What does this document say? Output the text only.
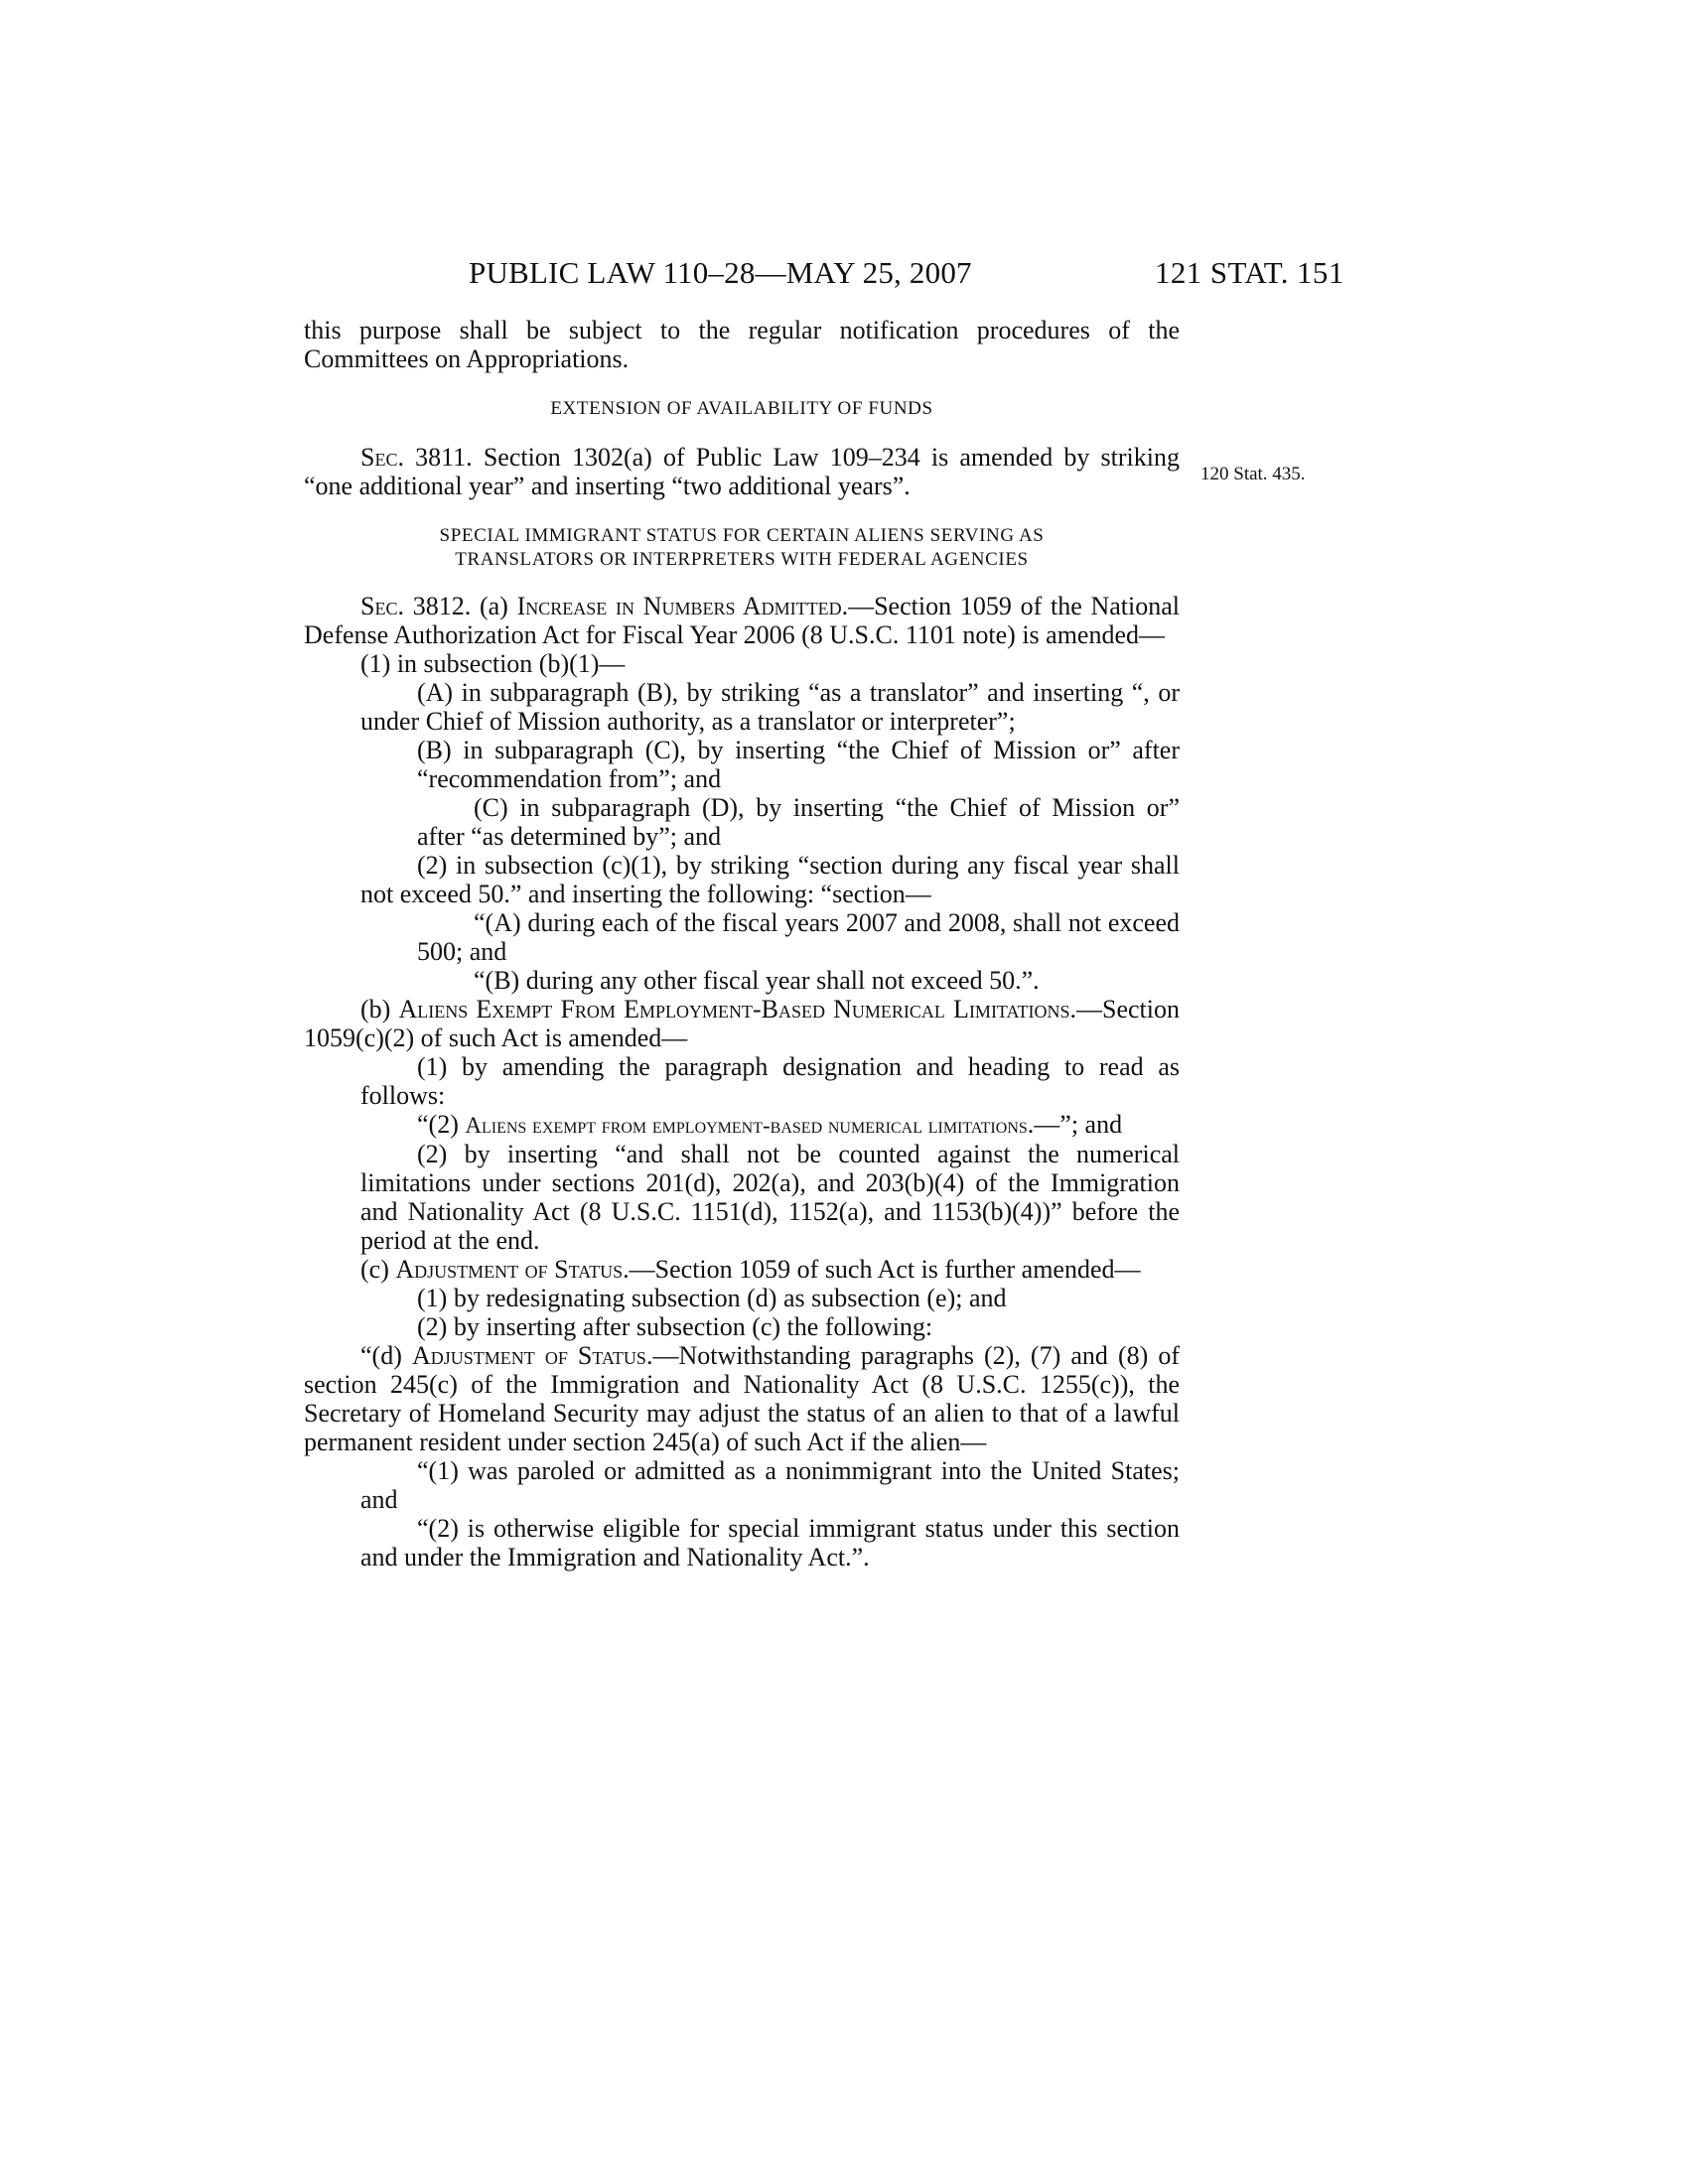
PUBLIC LAW 110–28—MAY 25, 2007	121 STAT. 151
120 Stat. 435.

this purpose shall be subject to the regular notification procedures of the Committees on Appropriations.

EXTENSION OF AVAILABILITY OF FUNDS

Sec. 3811. Section 1302(a) of Public Law 109–234 is amended by striking “one additional year” and inserting “two additional years”.

SPECIAL IMMIGRANT STATUS FOR CERTAIN ALIENS SERVING AS

TRANSLATORS OR INTERPRETERS WITH FEDERAL AGENCIES

Sec. 3812. (a) Increase in Numbers Admitted.—Section 1059 of the National Defense Authorization Act for Fiscal Year 2006 (8 U.S.C. 1101 note) is amended—

(1) in subsection (b)(1)—

(A) in subparagraph (B), by striking “as a translator” and inserting “, or under Chief of Mission authority, as a translator or interpreter”;

(B) in subparagraph (C), by inserting “the Chief of Mission or” after “recommendation from”; and

(C) in subparagraph (D), by inserting “the Chief of Mission or” after “as determined by”; and

(2) in subsection (c)(1), by striking “section during any fiscal year shall not exceed 50.” and inserting the following: “section—

“(A) during each of the fiscal years 2007 and 2008, shall not exceed 500; and

“(B) during any other fiscal year shall not exceed 50.”.

(b) Aliens Exempt From Employment-Based Numerical Limitations.—Section 1059(c)(2) of such Act is amended—

(1) by amending the paragraph designation and heading to read as follows:

“(2) Aliens exempt from employment-based numerical limitations.—”; and

(2) by inserting “and shall not be counted against the numerical limitations under sections 201(d), 202(a), and 203(b)(4) of the Immigration and Nationality Act (8 U.S.C. 1151(d), 1152(a), and 1153(b)(4))” before the period at the end.

(c) Adjustment of Status.—Section 1059 of such Act is further amended—

(1) by redesignating subsection (d) as subsection (e); and

(2) by inserting after subsection (c) the following:

“(d) Adjustment of Status.—Notwithstanding paragraphs (2), (7) and (8) of section 245(c) of the Immigration and Nationality Act (8 U.S.C. 1255(c)), the Secretary of Homeland Security may adjust the status of an alien to that of a lawful permanent resident under section 245(a) of such Act if the alien—

“(1) was paroled or admitted as a nonimmigrant into the United States; and

“(2) is otherwise eligible for special immigrant status under this section and under the Immigration and Nationality Act.”.
